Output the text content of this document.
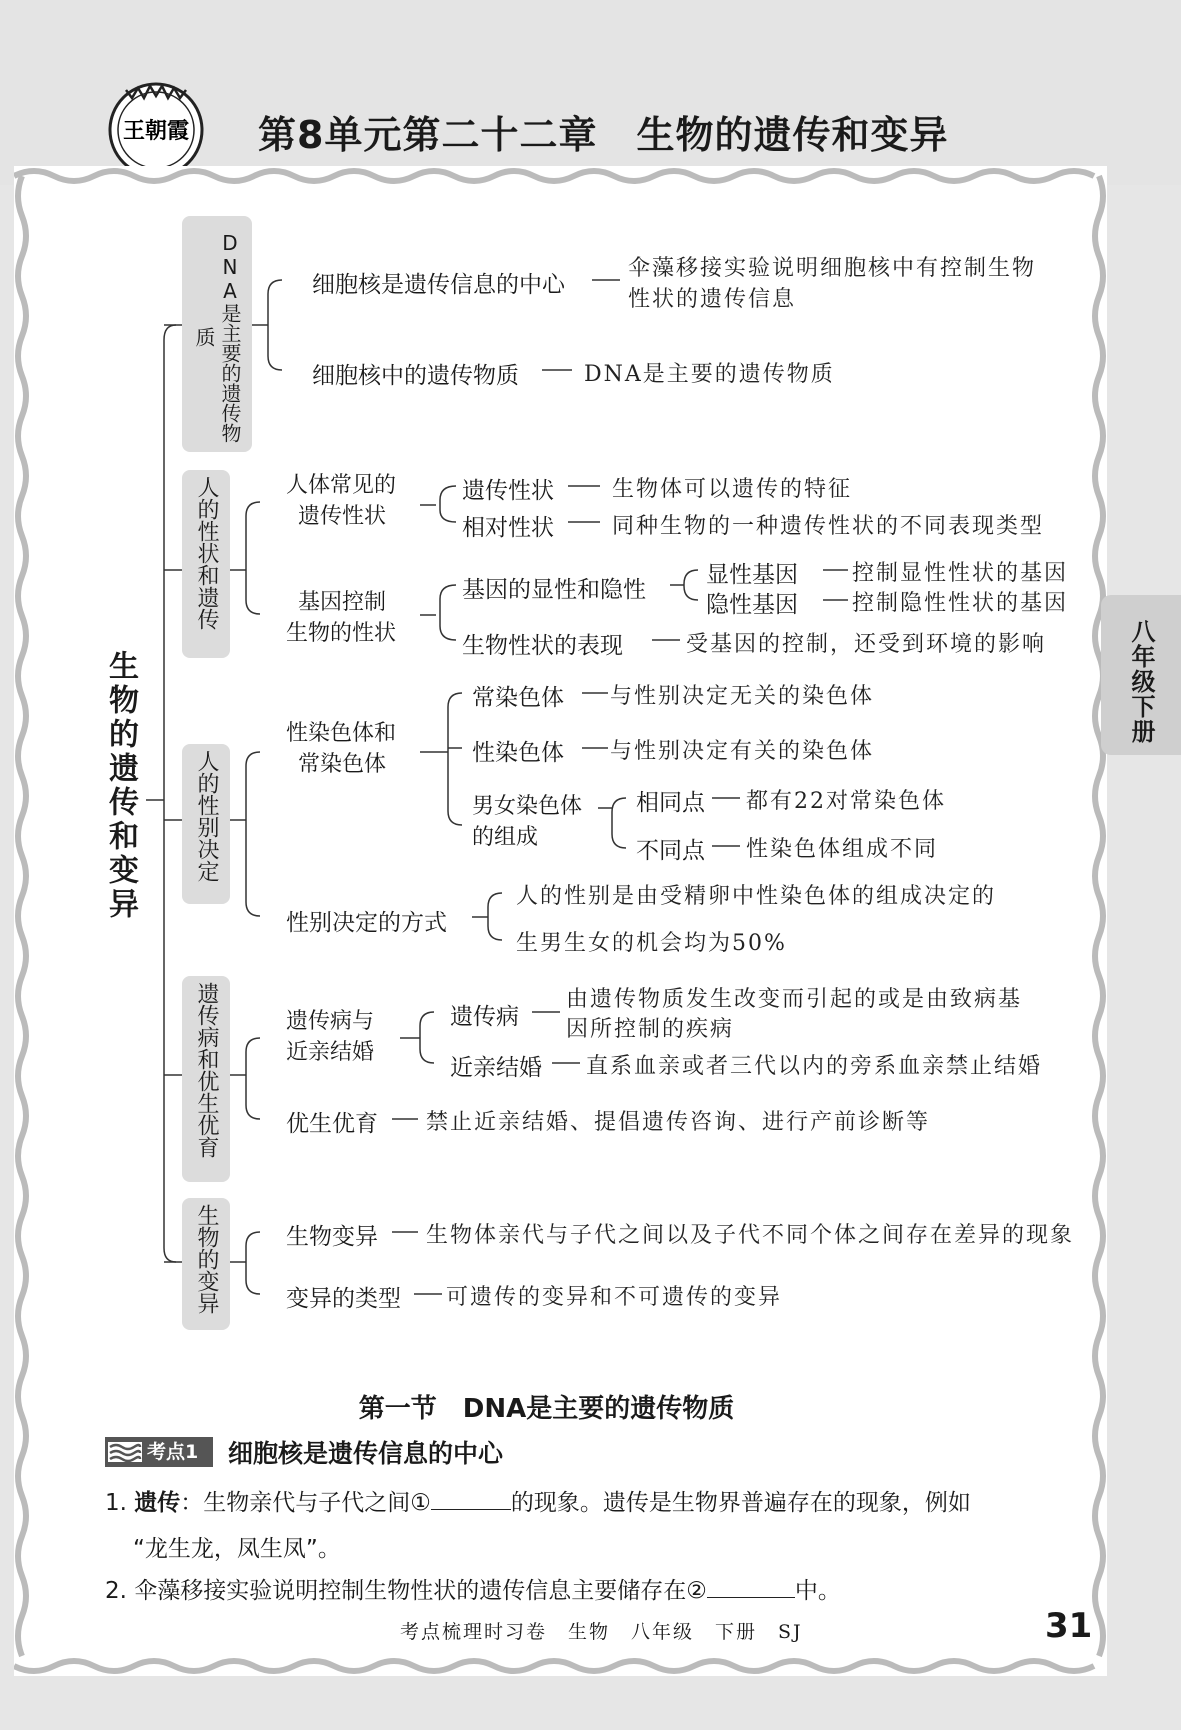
王朝霞 第8单元第二十二章　生物的遗传和变异
八年级下册
生物的遗传和变异
DNA是主要的遗传物质
细胞核是遗传信息的中心
伞藻移接实验说明细胞核中有控制生物
性状的遗传信息
细胞核中的遗传物质	DNA是主要的遗传物质
人的性状和遗传	人体常见的
遗传性状
遗传性状	生物体可以遗传的特征
相对性状	同种生物的一种遗传性状的不同表现类型
基因控制
生物的性状
基因的显性和隐性
显性基因 控制显性性状的基因
隐性基因 控制隐性性状的基因
生物性状的表现	受基因的控制，还受到环境的影响
人的性别决定
性染色体和
常染色体
常染色体 与性别决定无关的染色体
性染色体 与性别决定有关的染色体
男女染色体
的组成
相同点 都有22对常染色体
不同点 性染色体组成不同
性别决定的方式
人的性别是由受精卵中性染色体的组成决定的
生男生女的机会均为50%
遗传病和优生优育	遗传病与
近亲结婚
遗传病
由遗传物质发生改变而引起的或是由致病基
因所控制的疾病
近亲结婚 直系血亲或者三代以内的旁系血亲禁止结婚
优生优育 禁止近亲结婚、提倡遗传咨询、进行产前诊断等
生物的变异	生物变异 生物体亲代与子代之间以及子代不同个体之间存在差异的现象
变异的类型 可遗传的变异和不可遗传的变异
第一节　DNA是主要的遗传物质
考点1	细胞核是遗传信息的中心
1. 遗传：生物亲代与子代之间①	的现象。遗传是生物界普遍存在的现象，例如
“龙生龙，凤生凤”。
2. 伞藻移接实验说明控制生物性状的遗传信息主要储存在②	中。
考点梳理时习卷　生物　八年级　下册　SJ	31
